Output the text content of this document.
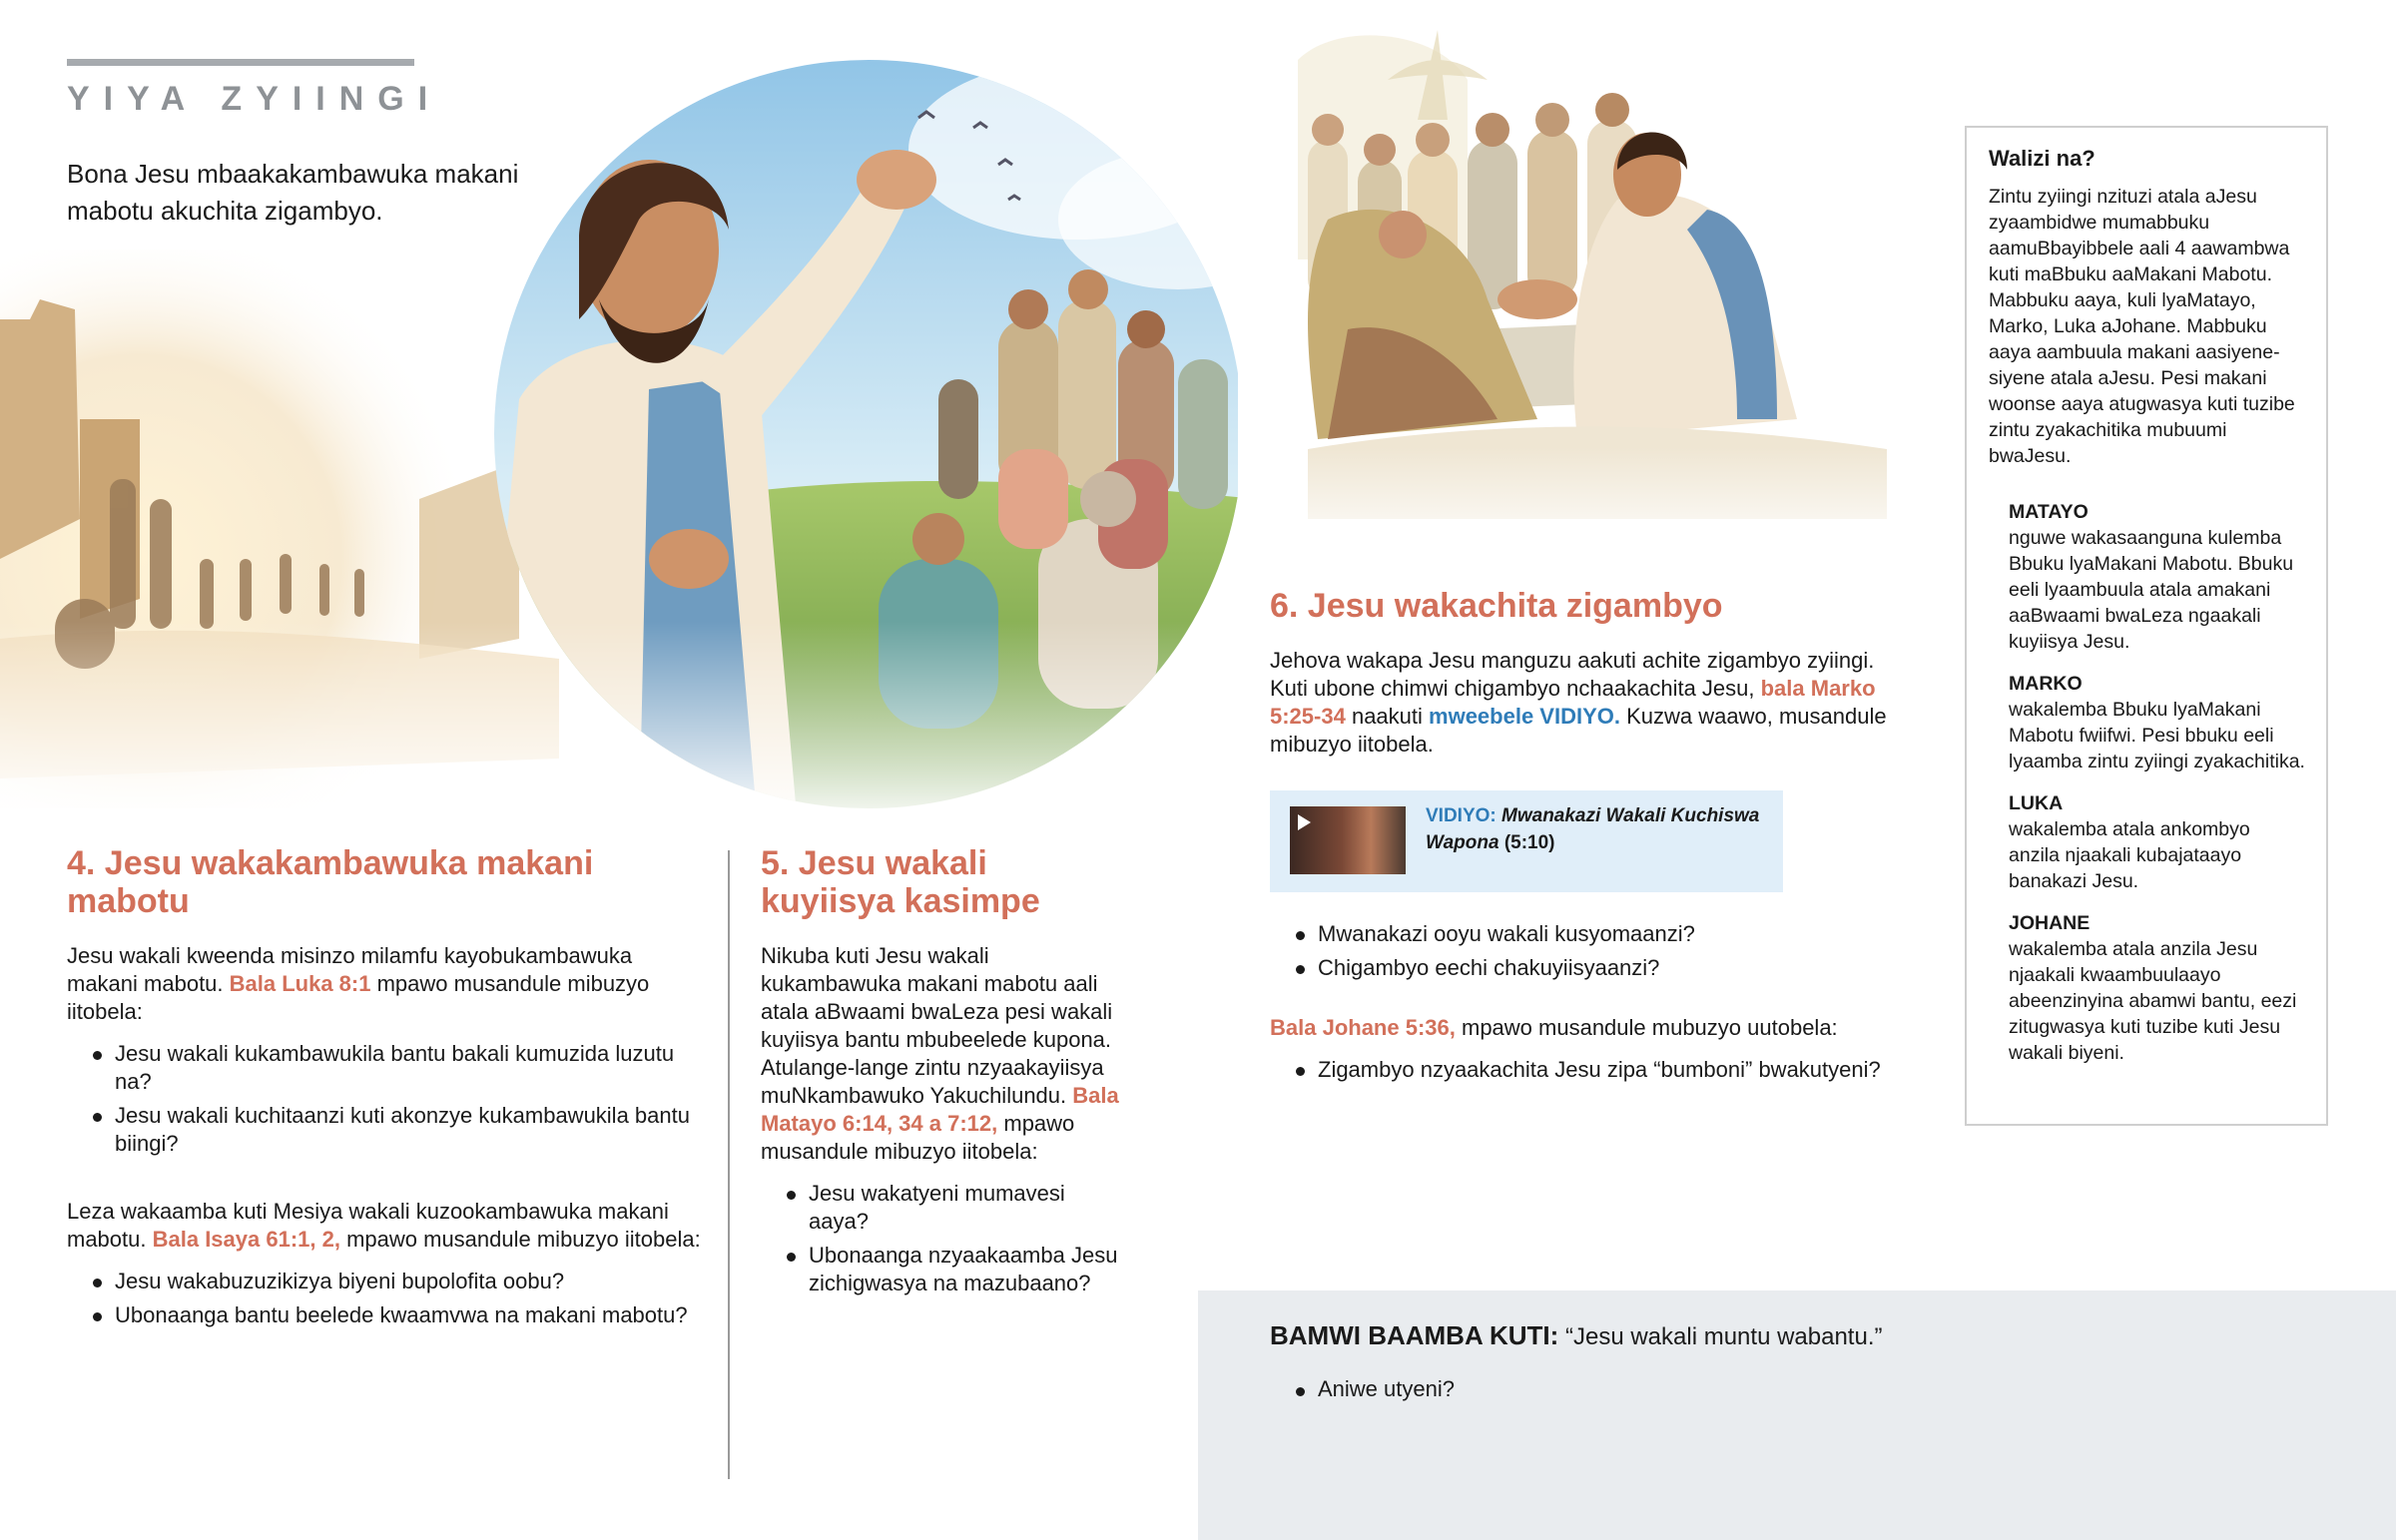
YIYA ZYIINGI
Bona Jesu mbaakakambawuka makani mabotu akuchita zigambyo.
4. Jesu wakakambawuka makani mabotu

Jesu wakali kweenda misinzo milamfu kayobukambawuka makani mabotu. Bala Luka 8:1 mpawo musandule mibuzyo iitobela:

Jesu wakali kukambawukila bantu bakali kumuzida luzutu na?
Jesu wakali kuchitaanzi kuti akonzye kukambawukila bantu biingi?

Leza wakaamba kuti Mesiya wakali kuzookambawuka makani mabotu. Bala Isaya 61:1, 2, mpawo musandule mibuzyo iitobela:

Jesu wakabuzuzikizya biyeni bupolofita oobu?
Ubonaanga bantu beelede kwaamvwa na makani mabotu?
5. Jesu wakali kuyiisya kasimpe

Nikuba kuti Jesu wakali kukambawuka makani mabotu aali atala aBwaami bwaLeza pesi wakali kuyiisya bantu mbubeelede kupona. Atulange-lange zintu nzyaakayiisya muNkambawuko Yakuchilundu. Bala Matayo 6:14, 34 a 7:12, mpawo musandule mibuzyo iitobela:

Jesu wakatyeni mumavesi aaya?
Ubonaanga nzyaakaamba Jesu zichigwasya na mazubaano?
6. Jesu wakachita zigambyo

Jehova wakapa Jesu manguzu aakuti achite zigambyo zyiingi. Kuti ubone chimwi chigambyo nchaakachita Jesu, bala Marko 5:25-34 naakuti mweebele VIDIYO. Kuzwa waawo, musandule mibuzyo iitobela.

VIDIYO: Mwanakazi Wakali Kuchiswa Wapona (5:10)
Mwanakazi ooyu wakali kusyomaanzi?
Chigambyo eechi chakuyiisyaanzi?

Bala Johane 5:36, mpawo musandule mubuzyo uutobela:

Zigambyo nzyaakachita Jesu zipa “bumboni” bwakutyeni?
Walizi na?

Zintu zyiingi nzituzi atala aJesu zyaambidwe mumabbuku aamuBbayibbele aali 4 aawambwa kuti maBbuku aaMakani Mabotu. Mabbuku aaya, kuli lyaMatayo, Marko, Luka aJohane. Mabbuku aaya aambuula makani aasiyene-siyene atala aJesu. Pesi makani woonse aaya atugwasya kuti tuzibe zintu zyakachitika mubuumi bwaJesu.

MATAYO
nguwe wakasaanguna kulemba Bbuku lyaMakani Mabotu. Bbuku eeli lyaambuula atala amakani aaBwaami bwaLeza ngaakali kuyiisya Jesu.
MARKO
wakalemba Bbuku lyaMakani Mabotu fwiifwi. Pesi bbuku eeli lyaamba zintu zyiingi zyakachitika.
LUKA
wakalemba atala ankombyo anzila njaakali kubajataayo banakazi Jesu.
JOHANE
wakalemba atala anzila Jesu njaakali kwaambuulaayo abeenzinyina abamwi bantu, eezi zitugwasya kuti tuzibe kuti Jesu wakali biyeni.
BAMWI BAAMBA KUTI: “Jesu wakali muntu wabantu.”
Aniwe utyeni?
